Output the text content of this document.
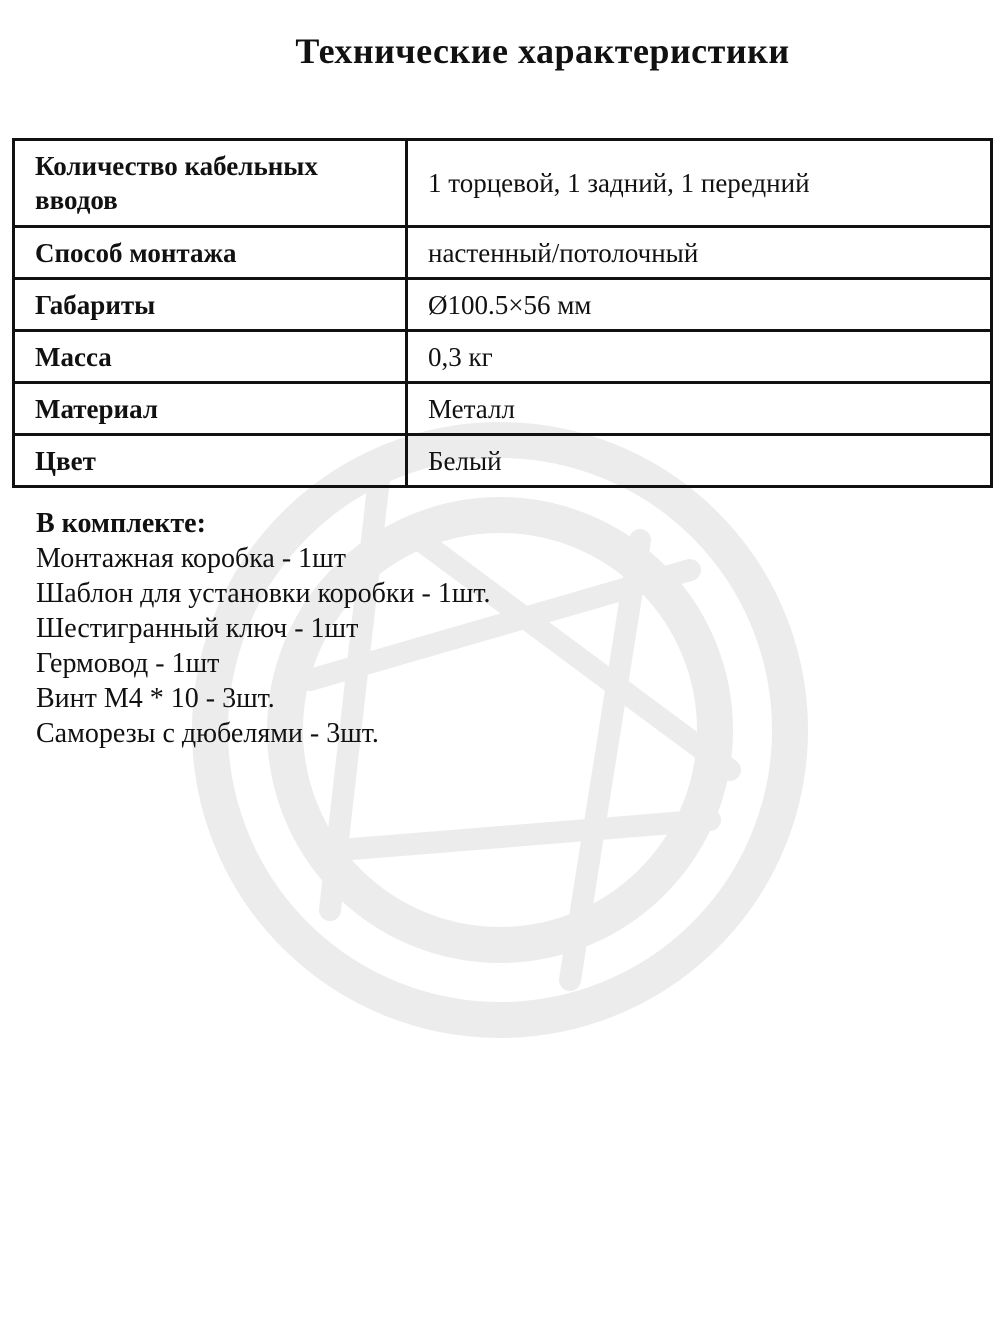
Технические характеристики
Количество кабельных вводов	1 торцевой, 1 задний, 1 передний
Способ монтажа	настенный/потолочный
Габариты	Ø100.5×56 мм
Масса	0,3 кг
Материал	Металл
Цвет	Белый
В комплекте:
Монтажная коробка - 1шт
Шаблон для установки коробки - 1шт.
Шестигранный ключ - 1шт
Гермовод - 1шт
Винт М4 * 10 - 3шт.
Саморезы с дюбелями - 3шт.
